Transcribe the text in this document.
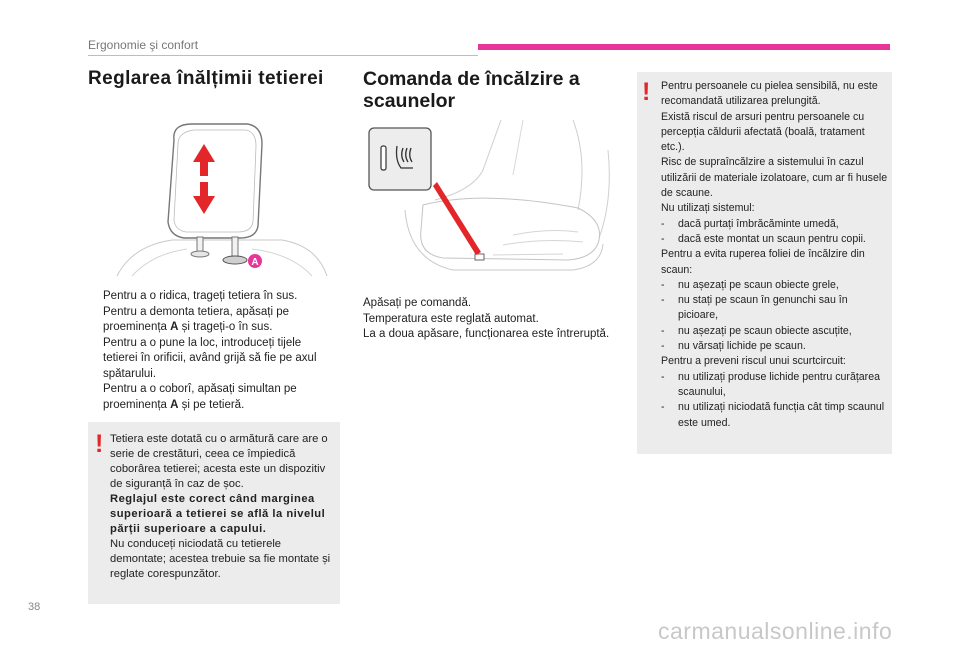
Ergonomie şi confort
Reglarea înălțimii tetierei
A
Pentru a o ridica, trageți tetiera în sus.
Pentru a demonta tetiera, apăsați pe proeminența A și trageți-o în sus.
Pentru a o pune la loc, introduceți tijele tetierei în orificii, având grijă să fie pe axul spătarului.
Pentru a o coborî, apăsați simultan pe proeminența A și pe tetieră.
! Tetiera este dotată cu o armătură care are o serie de crestături, ceea ce împiedică coborârea tetierei; acesta este un dispozitiv de siguranță în caz de șoc.
Reglajul este corect când marginea superioară a tetierei se află la nivelul părții superioare a capului.
Nu conduceți niciodată cu tetierele demontate; acestea trebuie sa fie montate și reglate corespunzător.
Comanda de încălzire a scaunelor
Apăsați pe comandă.
Temperatura este reglată automat.
La a doua apăsare, funcționarea este întreruptă.
! Pentru persoanele cu pielea sensibilă, nu este recomandată utilizarea prelungită.
Există riscul de arsuri pentru persoanele cu percepția căldurii afectată (boală, tratament etc.).
Risc de supraîncălzire a sistemului în cazul utilizării de materiale izolatoare, cum ar fi husele de scaune.
Nu utilizați sistemul:
- dacă purtați îmbrăcăminte umedă,
- dacă este montat un scaun pentru copii.
Pentru a evita ruperea foliei de încălzire din scaun:
- nu așezați pe scaun obiecte grele,
- nu stați pe scaun în genunchi sau în picioare,
- nu așezați pe scaun obiecte ascuțite,
- nu vărsați lichide pe scaun.
Pentru a preveni riscul unui scurtcircuit:
- nu utilizați produse lichide pentru curățarea scaunului,
- nu utilizați niciodată funcția cât timp scaunul este umed.
38
carmanualsonline.info
